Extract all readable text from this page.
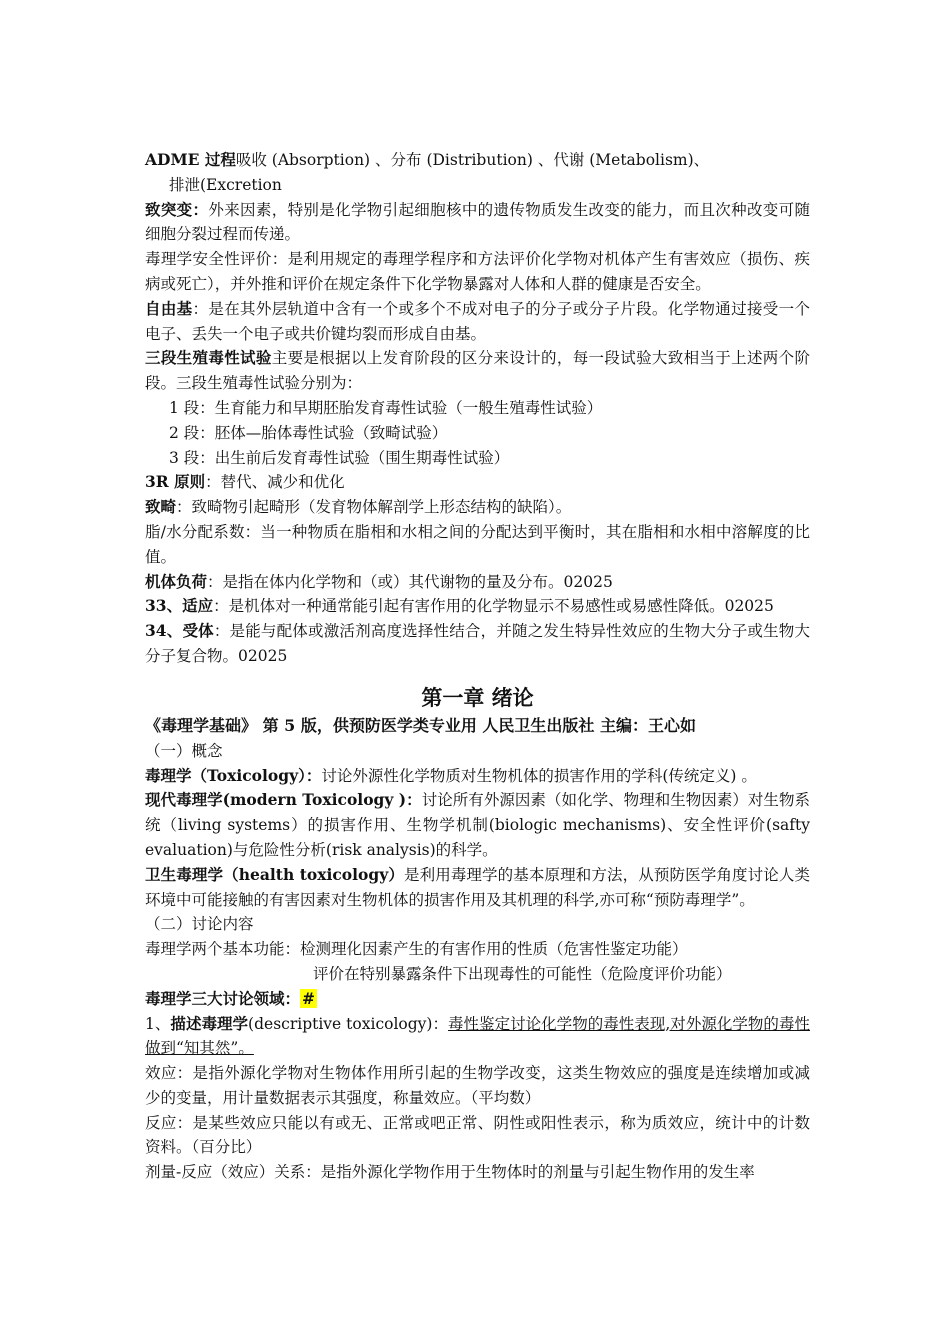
ADME 过程吸收 (Absorption) 、分布 (Distribution) 、代谢 (Metabolism)、

排泄(Excretion

致突变：外来因素，特别是化学物引起细胞核中的遗传物质发生改变的能力，而且次种改变可随细胞分裂过程而传递。

毒理学安全性评价：是利用规定的毒理学程序和方法评价化学物对机体产生有害效应（损伤、疾病或死亡），并外推和评价在规定条件下化学物暴露对人体和人群的健康是否安全。

自由基：是在其外层轨道中含有一个或多个不成对电子的分子或分子片段。化学物通过接受一个电子、丢失一个电子或共价键均裂而形成自由基。

三段生殖毒性试验主要是根据以上发育阶段的区分来设计的，每一段试验大致相当于上述两个阶段。三段生殖毒性试验分别为：

1 段：生育能力和早期胚胎发育毒性试验（一般生殖毒性试验）

2 段：胚体—胎体毒性试验（致畸试验）

3 段：出生前后发育毒性试验（围生期毒性试验）

3R 原则：替代、减少和优化

致畸：致畸物引起畸形（发育物体解剖学上形态结构的缺陷）。

脂/水分配系数：当一种物质在脂相和水相之间的分配达到平衡时，其在脂相和水相中溶解度的比值。

机体负荷：是指在体内化学物和（或）其代谢物的量及分布。02025

33、适应：是机体对一种通常能引起有害作用的化学物显示不易感性或易感性降低。02025

34、受体：是能与配体或激活剂高度选择性结合，并随之发生特异性效应的生物大分子或生物大分子复合物。02025

第一章 绪论
《毒理学基础》 第 5 版，供预防医学类专业用 人民卫生出版社 主编：王心如

（一）概念

毒理学（Toxicology）：讨论外源性化学物质对生物机体的损害作用的学科(传统定义) 。

现代毒理学(modern Toxicology )：讨论所有外源因素（如化学、物理和生物因素）对生物系统（living systems）的损害作用、生物学机制(biologic mechanisms)、安全性评价(safty evaluation)与危险性分析(risk analysis)的科学。

卫生毒理学（health toxicology）是利用毒理学的基本原理和方法，从预防医学角度讨论人类环境中可能接触的有害因素对生物机体的损害作用及其机理的科学,亦可称“预防毒理学”。

（二）讨论内容

毒理学两个基本功能：检测理化因素产生的有害作用的性质（危害性鉴定功能）

评价在特别暴露条件下出现毒性的可能性（危险度评价功能）

毒理学三大讨论领域： #

1、描述毒理学(descriptive toxicology)：毒性鉴定讨论化学物的毒性表现,对外源化学物的毒性做到“知其然”。

效应：是指外源化学物对生物体作用所引起的生物学改变，这类生物效应的强度是连续增加或减少的变量，用计量数据表示其强度，称量效应。（平均数）

反应：是某些效应只能以有或无、正常或吧正常、阴性或阳性表示，称为质效应，统计中的计数资料。（百分比）

剂量-反应（效应）关系：是指外源化学物作用于生物体时的剂量与引起生物作用的发生率
